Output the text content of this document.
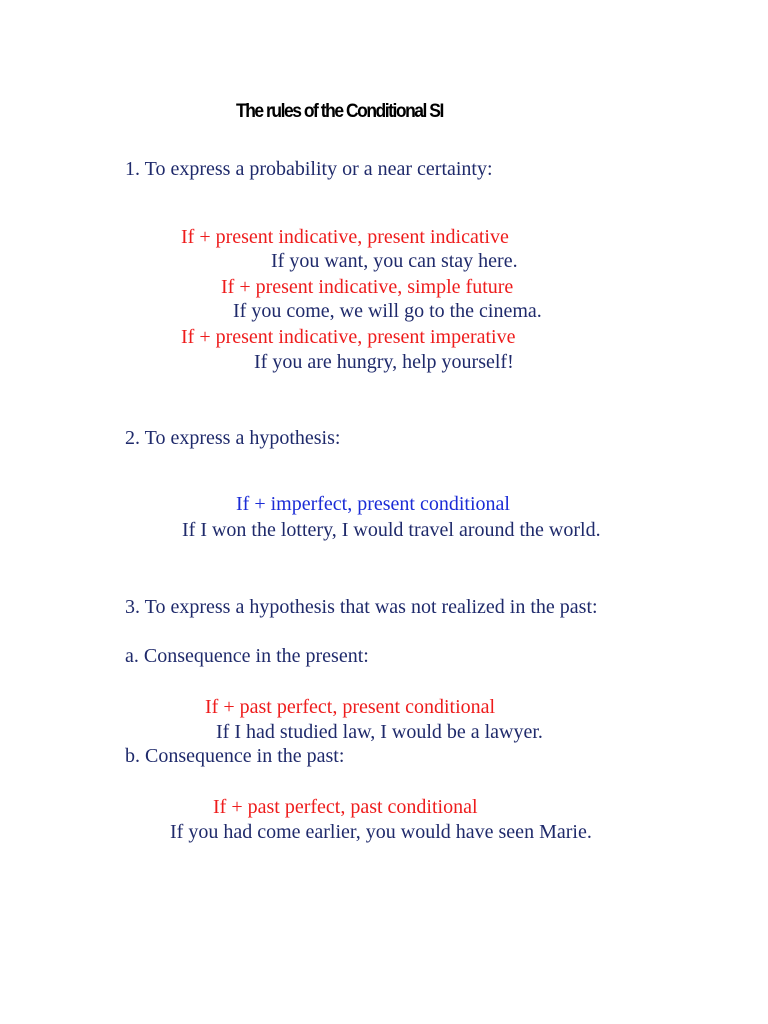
The rules of the Conditional SI
1. To express a probability or a near certainty:
If + present indicative, present indicative
If you want, you can stay here.
If + present indicative, simple future
If you come, we will go to the cinema.
If + present indicative, present imperative
If you are hungry, help yourself!
2. To express a hypothesis:
If + imperfect, present conditional
If I won the lottery, I would travel around the world.
3. To express a hypothesis that was not realized in the past:
a. Consequence in the present:
If + past perfect, present conditional
If I had studied law, I would be a lawyer.
b. Consequence in the past:
If + past perfect, past conditional
If you had come earlier, you would have seen Marie.
